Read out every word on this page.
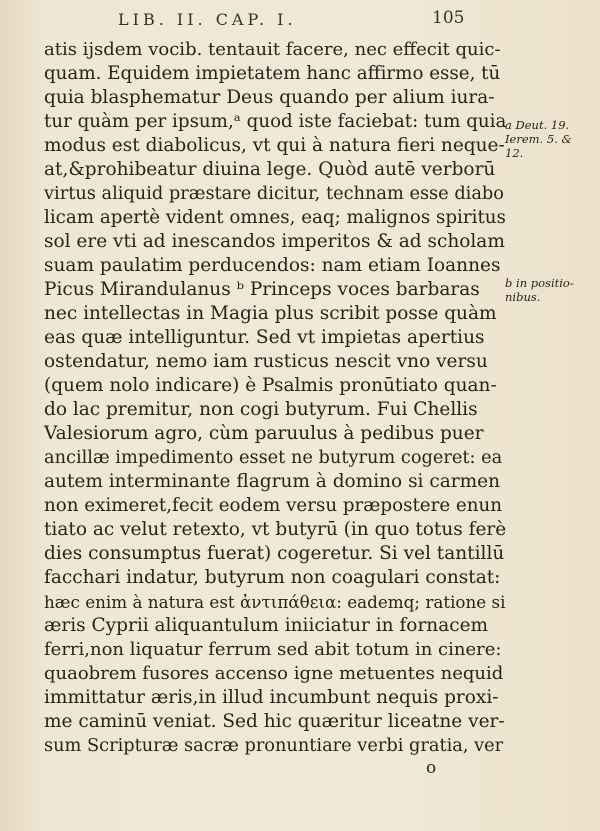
LIB. II. CAP. I.	105
atis ijsdem vocib. tentauit facere, nec effecit quic-
quam. Equidem impietatem hanc affirmo esse, tū
quia blasphematur Deus quando per alium iura-
tur quàm per ipsum,ᵃ quod iste faciebat: tum quia
modus est diabolicus, vt qui à natura fieri neque-
at,&prohibeatur diuina lege. Quòd autē verborū
virtus aliquid præstare dicitur, technam esse diabo
licam apertè vident omnes, eaq; malignos spiritus
sol ere vti ad inescandos imperitos & ad scholam
suam paulatim perducendos: nam etiam Ioannes
Picus Mirandulanus ᵇ Princeps voces barbaras
nec intellectas in Magia plus scribit posse quàm
eas quæ intelliguntur. Sed vt impietas apertius
ostendatur, nemo iam rusticus nescit vno versu
(quem nolo indicare) è Psalmis pronūtiato quan-
do lac premitur, non cogi butyrum. Fui Chellis
Valesiorum agro, cùm paruulus à pedibus puer
ancillæ impedimento esset ne butyrum cogeret: ea
autem interminante flagrum à domino si carmen
non eximeret,fecit eodem versu præpostere enun
tiato ac velut retexto, vt butyrū (in quo totus ferè
dies consumptus fuerat) cogeretur. Si vel tantillū
facchari indatur, butyrum non coagulari constat:
hæc enim à natura est ἀντιπάθεια: eademq; ratione si
æris Cyprii aliquantulum iniiciatur in fornacem
ferri,non liquatur ferrum sed abit totum in cinere:
quaobrem fusores accenso igne metuentes nequid
immittatur æris,in illud incumbunt nequis proxi-
me caminū veniat. Sed hic quæritur liceatne ver-
sum Scripturæ sacræ pronuntiare verbi gratia, ver
a Deut. 19.
Ierem. 5. &
12.
b in positio-
nibus.
o
